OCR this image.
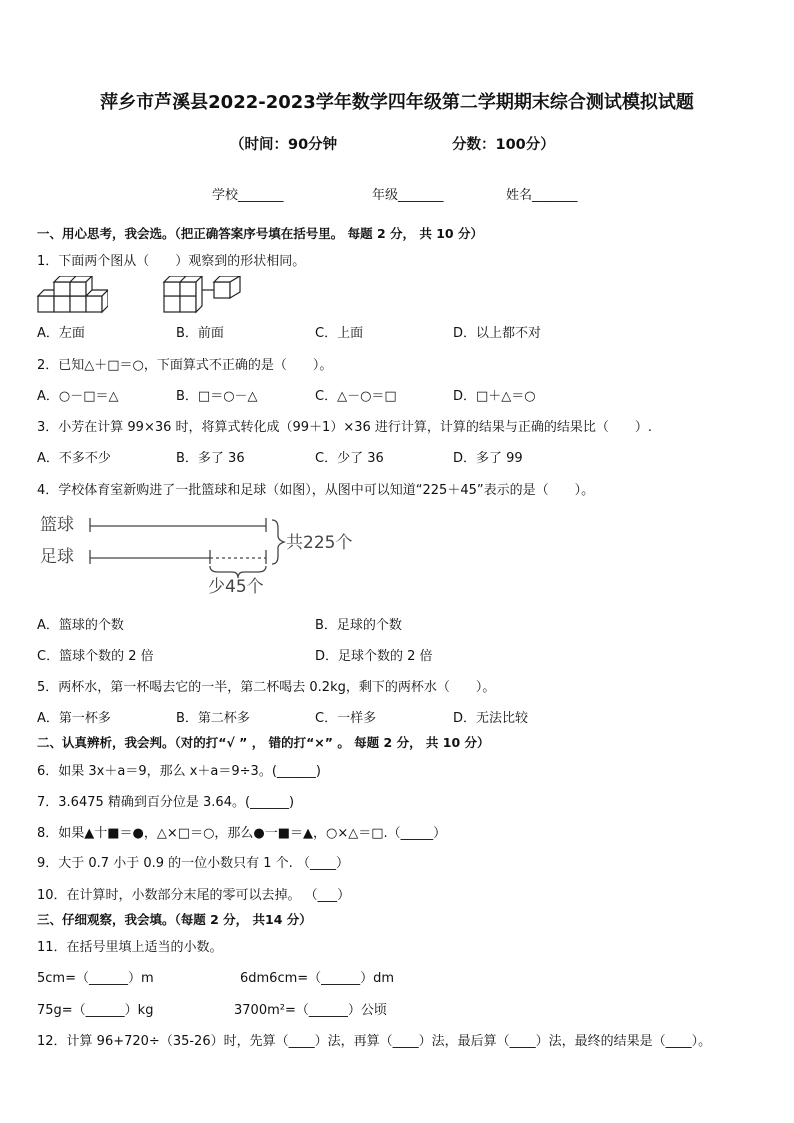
萍乡市芦溪县2022-2023学年数学四年级第二学期期末综合测试模拟试题
（时间：90分钟	分数：100分）
学校_______	年级_______	姓名_______
一、用心思考，我会选。（把正确答案序号填在括号里。 每题 2 分， 共 10 分）
1．下面两个图从（　　）观察到的形状相同。
A．左面	B．前面	C．上面	D．以上都不对
2．已知△＋□＝○，下面算式不正确的是（　　）。
A．○－□＝△	B．□＝○－△	C．△－○＝□	D．□＋△＝○
3．小芳在计算 99×36 时，将算式转化成（99＋1）×36 进行计算，计算的结果与正确的结果比（　　）.
A．不多不少	B．多了 36	C．少了 36	D．多了 99
4．学校体育室新购进了一批篮球和足球（如图），从图中可以知道“225＋45”表示的是（　　）。
篮球
足球
共225个
少45个
A．篮球的个数	B．足球的个数
C．篮球个数的 2 倍	D．足球个数的 2 倍
5．两杯水，第一杯喝去它的一半，第二杯喝去 0.2kg，剩下的两杯水（　　）。
A．第一杯多	B．第二杯多	C．一样多	D．无法比较
二、认真辨析，我会判。（对的打“√ ” ， 错的打“×” 。 每题 2 分， 共 10 分）
6．如果 3x＋a＝9，那么 x＋a＝9÷3。(______)
7．3.6475 精确到百分位是 3.64。(______)
8．如果▲十■＝●，△×□＝○，那么●一■＝▲，○×△＝□.（_____）
9．大于 0.7 小于 0.9 的一位小数只有 1 个. （____）
10．在计算时，小数部分末尾的零可以去掉。 （___）
三、仔细观察，我会填。（每题 2 分， 共14 分）
11．在括号里填上适当的小数。
5cm=（______）m	6dm6cm=（______）dm
75g=（______）kg	3700m²=（______）公顷
12．计算 96+720÷（35-26）时，先算（____）法，再算（____）法，最后算（____）法，最终的结果是（____）。
